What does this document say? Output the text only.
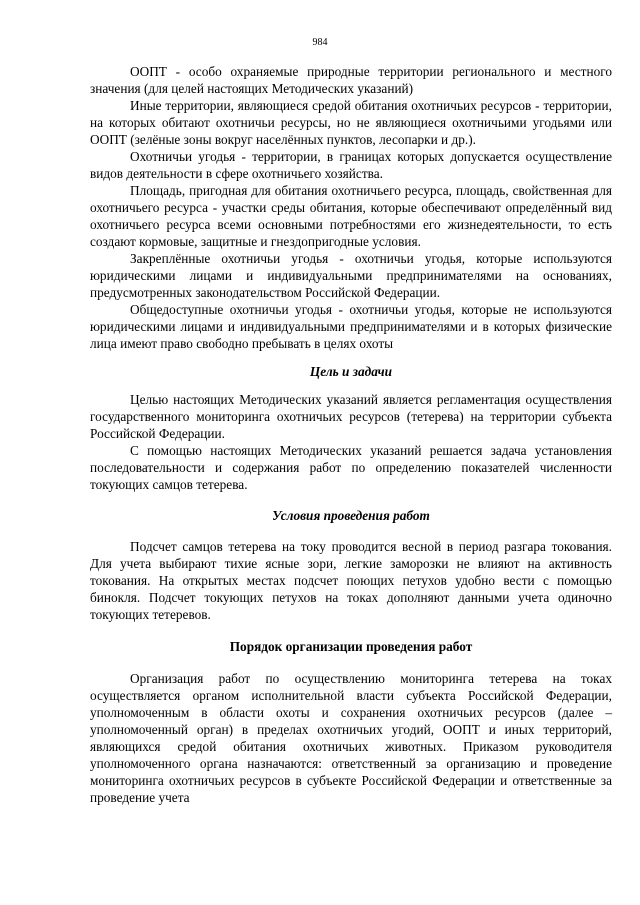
984

ООПТ - особо охраняемые природные территории регионального и местного значения (для целей настоящих Методических указаний)

Иные территории, являющиеся средой обитания охотничьих ресурсов - территории, на которых обитают охотничьи ресурсы, но не являющиеся охотничьими угодьями или ООПТ (зелёные зоны вокруг населённых пунктов, лесопарки и др.).

Охотничьи угодья - территории, в границах которых допускается осуществление видов деятельности в сфере охотничьего хозяйства.

Площадь, пригодная для обитания охотничьего ресурса, площадь, свойственная для охотничьего ресурса - участки среды обитания, которые обеспечивают определённый вид охотничьего ресурса всеми основными потребностями его жизнедеятельности, то есть создают кормовые, защитные и гнездопригодные условия.

Закреплённые охотничьи угодья - охотничьи угодья, которые используются юридическими лицами и индивидуальными предпринимателями на основаниях, предусмотренных законодательством Российской Федерации.

Общедоступные охотничьи угодья - охотничьи угодья, которые не используются юридическими лицами и индивидуальными предпринимателями и в которых физические лица имеют право свободно пребывать в целях охоты

Цель и задачи

Целью настоящих Методических указаний является регламентация осуществления государственного мониторинга охотничьих ресурсов (тетерева) на территории субъекта Российской Федерации.

С помощью настоящих Методических указаний решается задача установления последовательности и содержания работ по определению показателей численности токующих самцов тетерева.

Условия проведения работ

Подсчет самцов тетерева на току проводится весной в период разгара токования. Для учета выбирают тихие ясные зори, легкие заморозки не влияют на активность токования. На открытых местах подсчет поющих петухов удобно вести с помощью бинокля. Подсчет токующих петухов на токах дополняют данными учета одиночно токующих тетеревов.

Порядок организации проведения работ

Организация работ по осуществлению мониторинга тетерева на токах осуществляется органом исполнительной власти субъекта Российской Федерации, уполномоченным в области охоты и сохранения охотничьих ресурсов (далее – уполномоченный орган) в пределах охотничьих угодий, ООПТ и иных территорий, являющихся средой обитания охотничьих животных. Приказом руководителя уполномоченного органа назначаются: ответственный за организацию и проведение мониторинга охотничьих ресурсов в субъекте Российской Федерации и ответственные за проведение учета
